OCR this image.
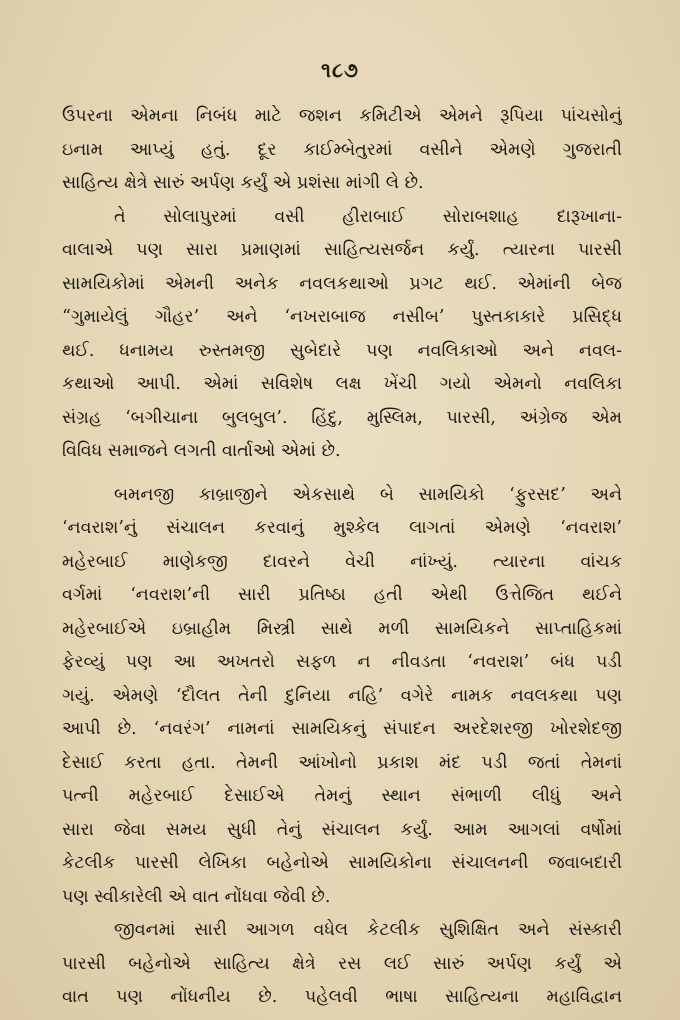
૧૮૭
ઉપરના એમના નિબંધ માટે જશન કમિટીએ એમને રૂપિયા પાંચસોનું
ઇનામ આપ્યું હતું. દૂર કાઈમ્બેતુરમાં વસીને એમણે ગુજરાતી
સાહિત્ય ક્ષેત્રે સારું અર્પણ કર્યું એ પ્રશંસા માંગી લે છે.
તે સોલાપુરમાં વસી હીરાબાઈ સોરાબશાહ દારૂખાના-
વાલાએ પણ સારા પ્રમાણમાં સાહિત્યસર્જન કર્યું. ત્યારના પારસી
સામયિકોમાં એમની અનેક નવલકથાઓ પ્રગટ થઈ. એમાંની બેજ
“ગુમાયેલું ગૌહર’ અને ‘નખરાબાજ નસીબ’ પુસ્તકાકારે પ્રસિદ્ધ
થઈ. ધનામય રુસ્તમજી સુબેદારે પણ નવલિકાઓ અને નવલ-
કથાઓ આપી. એમાં સવિશેષ લક્ષ ખેંચી ગયો એમનો નવલિકા
સંગ્રહ ‘બગીચાના બુલબુલ’. હિંદુ, મુસ્લિમ, પારસી, અંગ્રેજ એમ
વિવિધ સમાજને લગતી વાર્તાઓ એમાં છે.
બમનજી કાબ્રાજીને એકસાથે બે સામયિકો ‘ફુરસદ’ અને
‘નવરાશ’નું સંચાલન કરવાનું મુશ્કેલ લાગતાં એમણે ‘નવરાશ’
મહેરબાઈ માણેકજી દાવરને વેચી નાંખ્યું. ત્યારના વાંચક
વર્ગમાં ‘નવરાશ’ની સારી પ્રતિષ્ઠા હતી એથી ઉત્તેજિત થઈને
મહેરબાઈએ ઇબ્રાહીમ મિસ્ત્રી સાથે મળી સામયિકને સાપ્તાહિકમાં
ફેરવ્યું પણ આ અખતરો સફળ ન નીવડતા ‘નવરાશ’ બંધ પડી
ગયું. એમણે ‘દૌલત તેની દુનિયા નહિ’ વગેરે નામક નવલકથા પણ
આપી છે. ‘નવરંગ’ નામનાં સામયિકનું સંપાદન અરદેશરજી ખોરશેદજી
દેસાઈ કરતા હતા. તેમની આંખોનો પ્રકાશ મંદ પડી જતાં તેમનાં
પત્ની મહેરબાઈ દેસાઈએ તેમનું સ્થાન સંભાળી લીધું અને
સારા જેવા સમય સુધી તેનું સંચાલન કર્યું. આમ આગલાં વર્ષોમાં
કેટલીક પારસી લેખિકા બહેનોએ સામયિકોના સંચાલનની જવાબદારી
પણ સ્વીકારેલી એ વાત નોંધવા જેવી છે.
જીવનમાં સારી આગળ વધેલ કેટલીક સુશિક્ષિત અને સંસ્કારી
પારસી બહેનોએ સાહિત્ય ક્ષેત્રે રસ લઈ સારું અર્પણ કર્યું એ
વાત પણ નોંધનીય છે. પહેલવી ભાષા સાહિત્યના મહાવિદ્વાન
